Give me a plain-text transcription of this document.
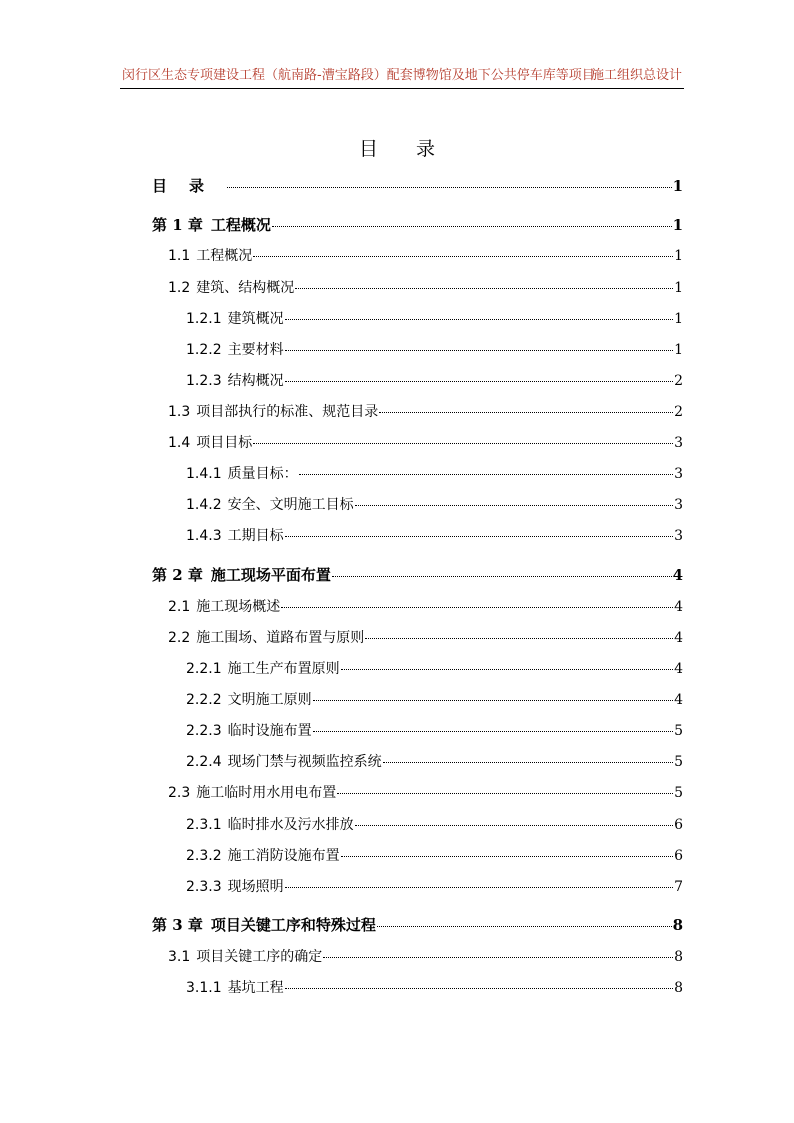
闵行区生态专项建设工程（航南路-漕宝路段）配套博物馆及地下公共停车库等项目
施工组织总设计
目录
目录	1
第 1 章 工程概况	1
1.1 工程概况	1
1.2 建筑、结构概况	1
1.2.1 建筑概况	1
1.2.2 主要材料	1
1.2.3 结构概况	2
1.3 项目部执行的标准、规范目录	2
1.4 项目目标	3
1.4.1 质量目标：	3
1.4.2 安全、文明施工目标	3
1.4.3 工期目标	3
第 2 章 施工现场平面布置	4
2.1 施工现场概述	4
2.2 施工围场、道路布置与原则	4
2.2.1 施工生产布置原则	4
2.2.2 文明施工原则	4
2.2.3 临时设施布置	5
2.2.4 现场门禁与视频监控系统	5
2.3 施工临时用水用电布置	5
2.3.1 临时排水及污水排放	6
2.3.2 施工消防设施布置	6
2.3.3 现场照明	7
第 3 章 项目关键工序和特殊过程	8
3.1 项目关键工序的确定	8
3.1.1 基坑工程	8
